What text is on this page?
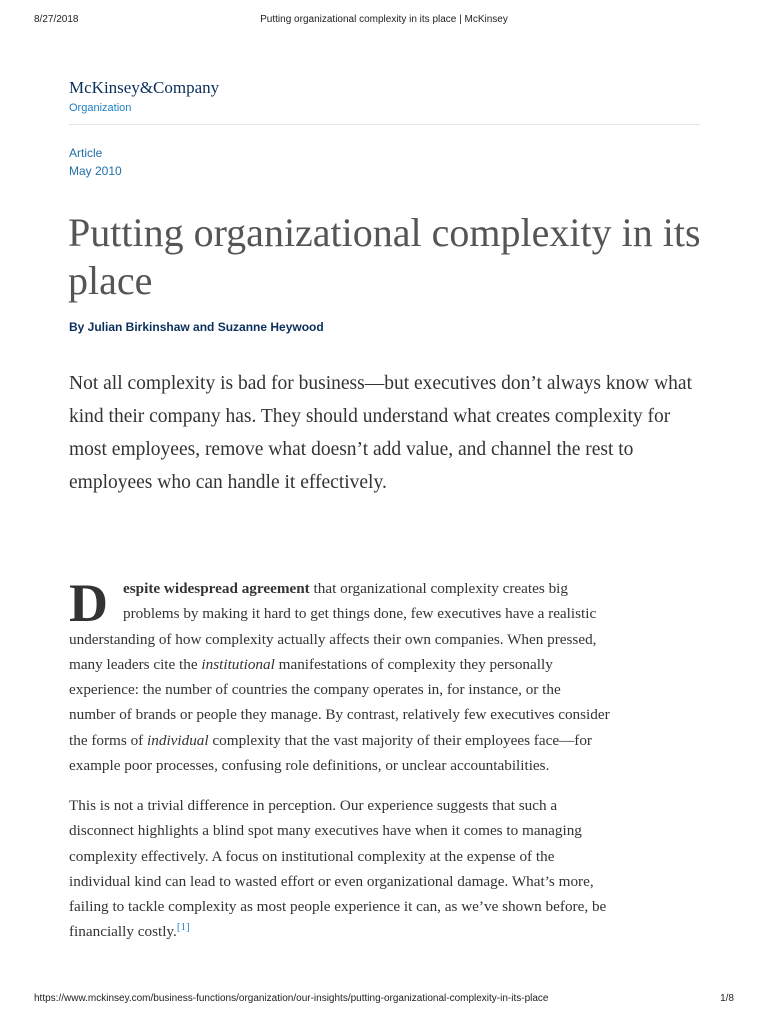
8/27/2018	Putting organizational complexity in its place | McKinsey
McKinsey&Company
Organization
Article
May 2010
Putting organizational complexity in its place
By Julian Birkinshaw and Suzanne Heywood

Not all complexity is bad for business—but executives don’t always know what kind their company has. They should understand what creates complexity for most employees, remove what doesn’t add value, and channel the rest to employees who can handle it effectively.

D espite widespread agreement that organizational complexity creates big
problems by making it hard to get things done, few executives have a realistic
understanding of how complexity actually affects their own companies. When pressed,
many leaders cite the institutional manifestations of complexity they personally
experience: the number of countries the company operates in, for instance, or the
number of brands or people they manage. By contrast, relatively few executives consider
the forms of individual complexity that the vast majority of their employees face—for
example poor processes, confusing role definitions, or unclear accountabilities.
This is not a trivial difference in perception. Our experience suggests that such a
disconnect highlights a blind spot many executives have when it comes to managing
complexity effectively. A focus on institutional complexity at the expense of the
individual kind can lead to wasted effort or even organizational damage. What’s more,
failing to tackle complexity as most people experience it can, as we’ve shown before, be
financially costly.[1]
https://www.mckinsey.com/business-functions/organization/our-insights/putting-organizational-complexity-in-its-place	1/8
